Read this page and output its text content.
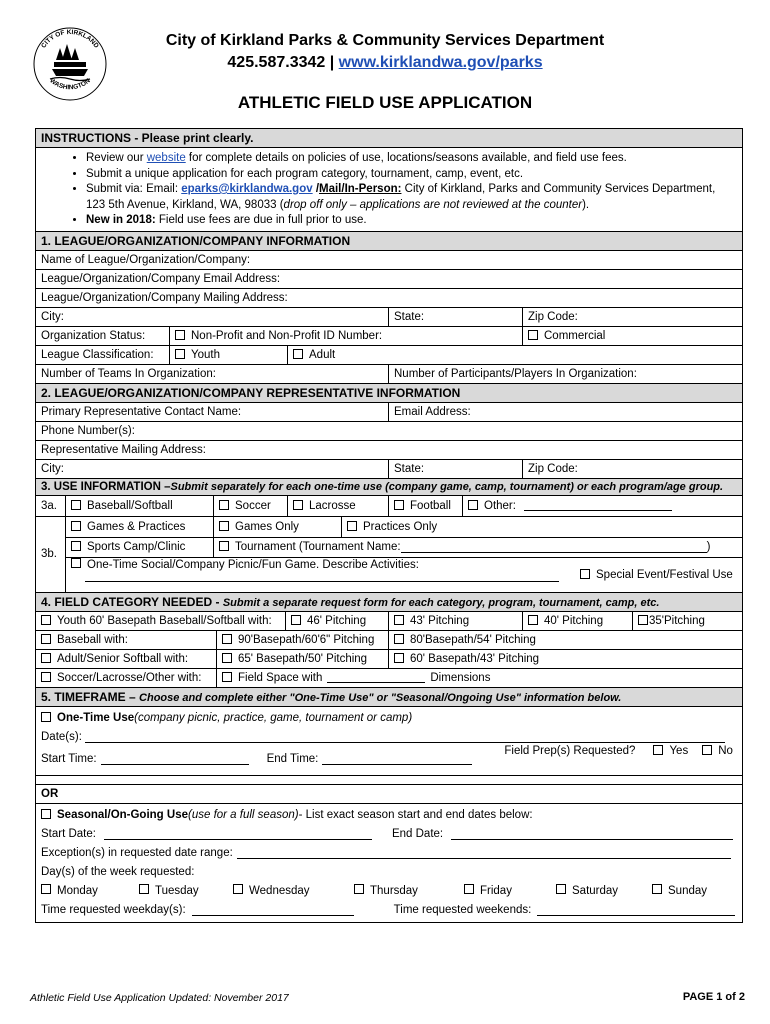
CITY OF KIRKLAND
WASHINGTON
City of Kirkland Parks & Community Services Department
425.587.3342 | www.kirklandwa.gov/parks
ATHLETIC FIELD USE APPLICATION
INSTRUCTIONS - Please print clearly.
• Review our website for complete details on policies of use, locations/seasons available, and field use fees.
• Submit a unique application for each program category, tournament, camp, event, etc.
• Submit via: Email: eparks@kirklandwa.gov /Mail/In-Person: City of Kirkland, Parks and Community Services Department, 123 5th Avenue, Kirkland, WA, 98033 (drop off only – applications are not reviewed at the counter).
• New in 2018: Field use fees are due in full prior to use.
1. LEAGUE/ORGANIZATION/COMPANY INFORMATION
Name of League/Organization/Company:
League/Organization/Company Email Address:
League/Organization/Company Mailing Address:
City:	State:	Zip Code:
Organization Status:	Non-Profit and Non-Profit ID Number:	Commercial
League Classification:	Youth	Adult
Number of Teams In Organization:	Number of Participants/Players In Organization:
2. LEAGUE/ORGANIZATION/COMPANY REPRESENTATIVE INFORMATION
Primary Representative Contact Name:	Email Address:
Phone Number(s):
Representative Mailing Address:
City:	State:	Zip Code:
3. USE INFORMATION –Submit separately for each one-time use (company game, camp, tournament) or each program/age group.
3a.	Baseball/Softball	Soccer	Lacrosse	Football	Other:
3b.
Games & Practices	Games Only	Practices Only
Sports Camp/Clinic	Tournament (Tournament Name:	)
One-Time Social/Company Picnic/Fun Game. Describe Activities:
Special Event/Festival Use
4. FIELD CATEGORY NEEDED - Submit a separate request form for each category, program, tournament, camp, etc.
Youth 60' Basepath Baseball/Softball with:	46' Pitching	43' Pitching	40' Pitching	35'Pitching
Baseball with:	90'Basepath/60'6" Pitching	80'Basepath/54' Pitching
Adult/Senior Softball with:	65' Basepath/50' Pitching	60' Basepath/43' Pitching
Soccer/Lacrosse/Other with:	Field Space with	Dimensions
5. TIMEFRAME – Choose and complete either "One-Time Use" or "Seasonal/Ongoing Use" information below.
One-Time Use (company picnic, practice, game, tournament or camp)
Date(s):
Start Time:	End Time:
Field Prep(s) Requested?	Yes	No
OR
Seasonal/On-Going Use (use for a full season) - List exact season start and end dates below:
Start Date:	End Date:
Exception(s) in requested date range:
Day(s) of the week requested:
Monday	Tuesday	Wednesday	Thursday	Friday	Saturday	Sunday
Time requested weekday(s):	Time requested weekends:
Athletic Field Use Application Updated: November 2017	PAGE 1 of 2
